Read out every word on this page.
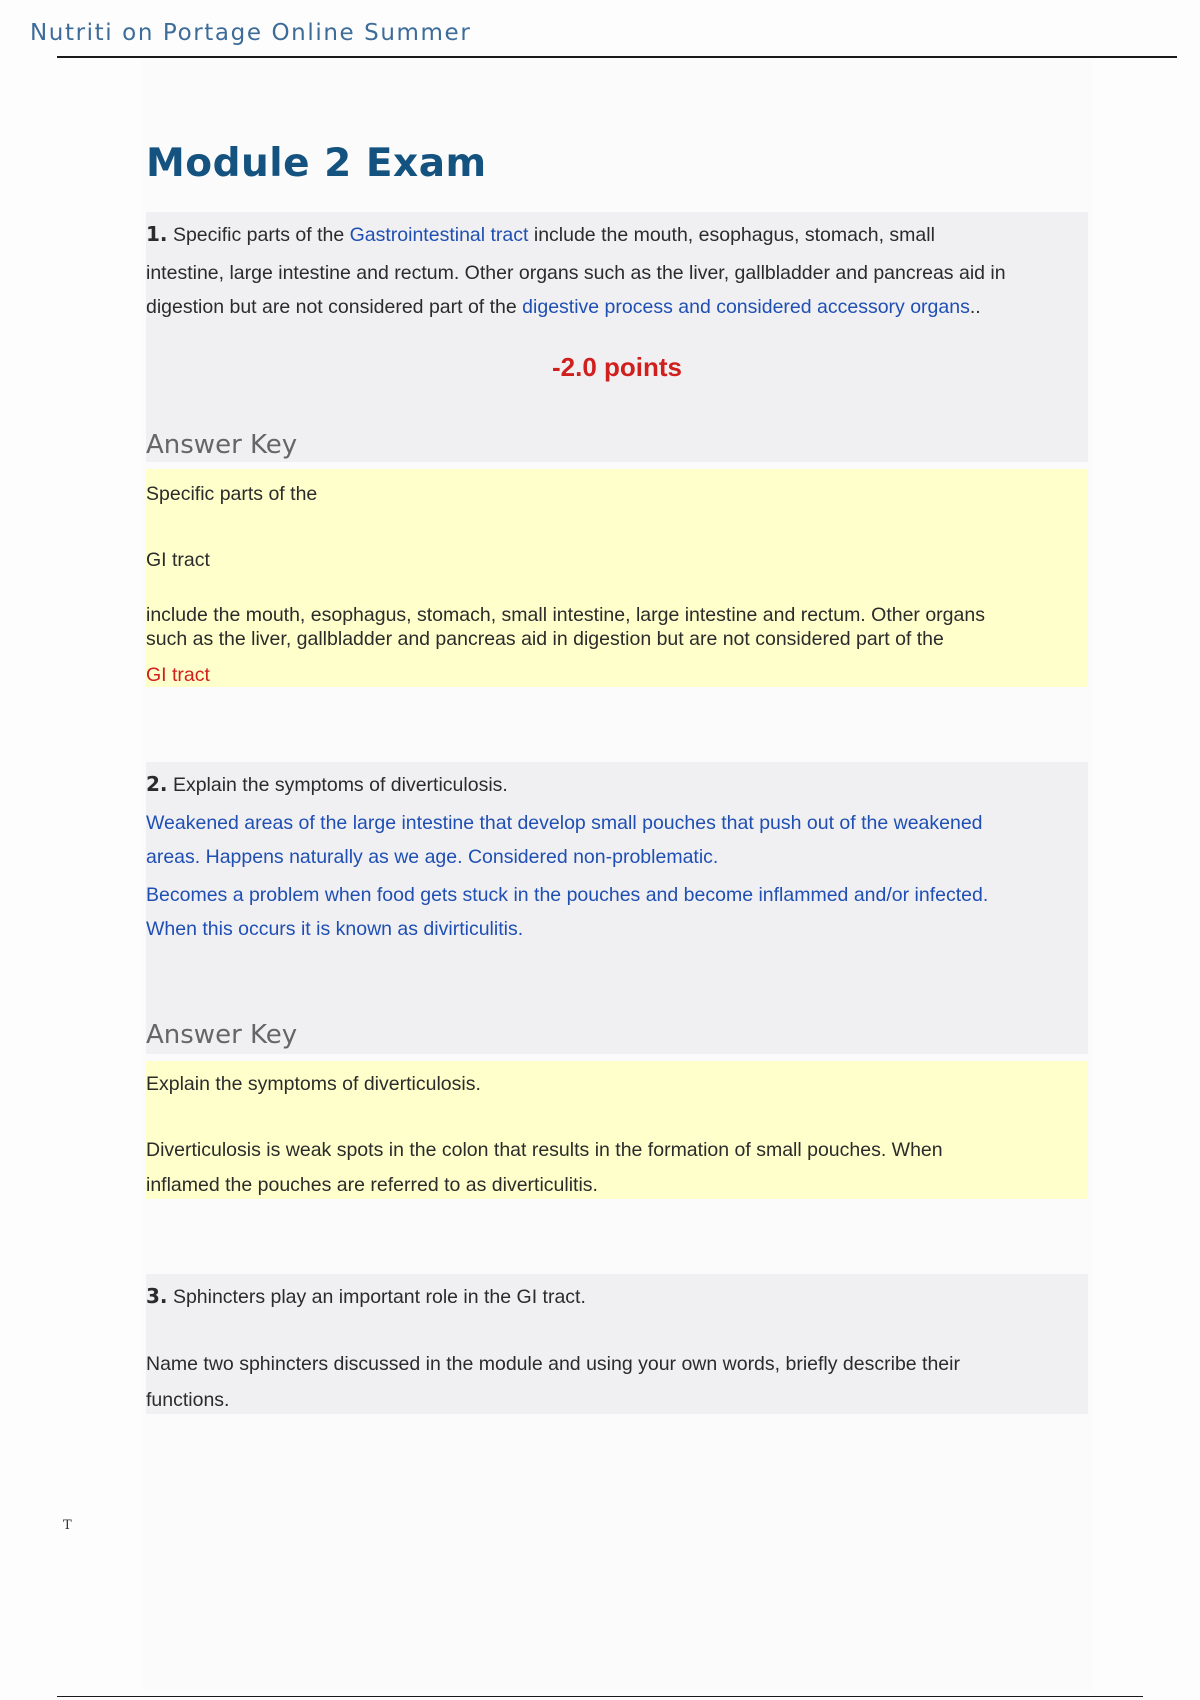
Nutriti on Portage Online Summer
Module 2 Exam

1. Specific parts of the Gastrointestinal tract include the mouth, esophagus, stomach, small

intestine, large intestine and rectum. Other organs such as the liver, gallbladder and pancreas aid in

digestion but are not considered part of the digestive process and considered accessory organs..

-2.0 points

Answer Key

Specific parts of the

GI tract

include the mouth, esophagus, stomach, small intestine, large intestine and rectum. Other organs

such as the liver, gallbladder and pancreas aid in digestion but are not considered part of the

GI tract

2. Explain the symptoms of diverticulosis.

Weakened areas of the large intestine that develop small pouches that push out of the weakened

areas. Happens naturally as we age. Considered non-problematic.

Becomes a problem when food gets stuck in the pouches and become inflammed and/or infected.

When this occurs it is known as divirticulitis.

Answer Key

Explain the symptoms of diverticulosis.

Diverticulosis is weak spots in the colon that results in the formation of small pouches. When

inflamed the pouches are referred to as diverticulitis.

3. Sphincters play an important role in the GI tract.

Name two sphincters discussed in the module and using your own words, briefly describe their

functions.

T
